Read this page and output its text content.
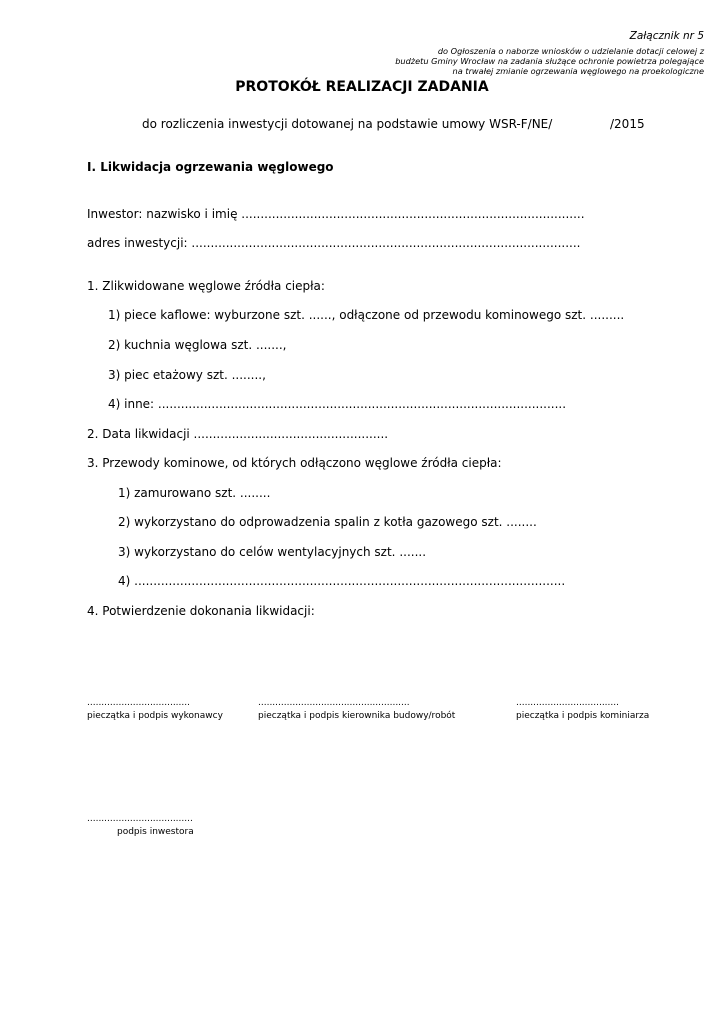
Załącznik nr 5
do Ogłoszenia o naborze wniosków o udzielanie dotacji celowej z
budżetu Gminy Wrocław na zadania służące ochronie powietrza polegające
na trwałej zmianie ogrzewania węglowego na proekologiczne
PROTOKÓŁ REALIZACJI ZADANIA
do rozliczenia inwestycji dotowanej na podstawie umowy WSR-F/NE/	/2015
I. Likwidacja ogrzewania węglowego
Inwestor: nazwisko i imię ..........................................................................................
adres inwestycji: ......................................................................................................
1. Zlikwidowane węglowe źródła ciepła:
1) piece kaflowe: wyburzone szt. ......, odłączone od przewodu kominowego szt. .........
2) kuchnia węglowa szt. .......,
3) piec etażowy szt. ........,
4) inne: ...........................................................................................................
2. Data likwidacji ...................................................
3. Przewody kominowe, od których odłączono węglowe źródła ciepła:
1) zamurowano szt. ........
2) wykorzystano do odprowadzenia spalin z kotła gazowego szt. ........
3) wykorzystano do celów wentylacyjnych szt. .......
4) .................................................................................................................
4. Potwierdzenie dokonania likwidacji:
....................................
pieczątka i podpis wykonawcy
.....................................................
pieczątka i podpis kierownika budowy/robót
....................................
pieczątka i podpis kominiarza
.....................................
podpis inwestora
